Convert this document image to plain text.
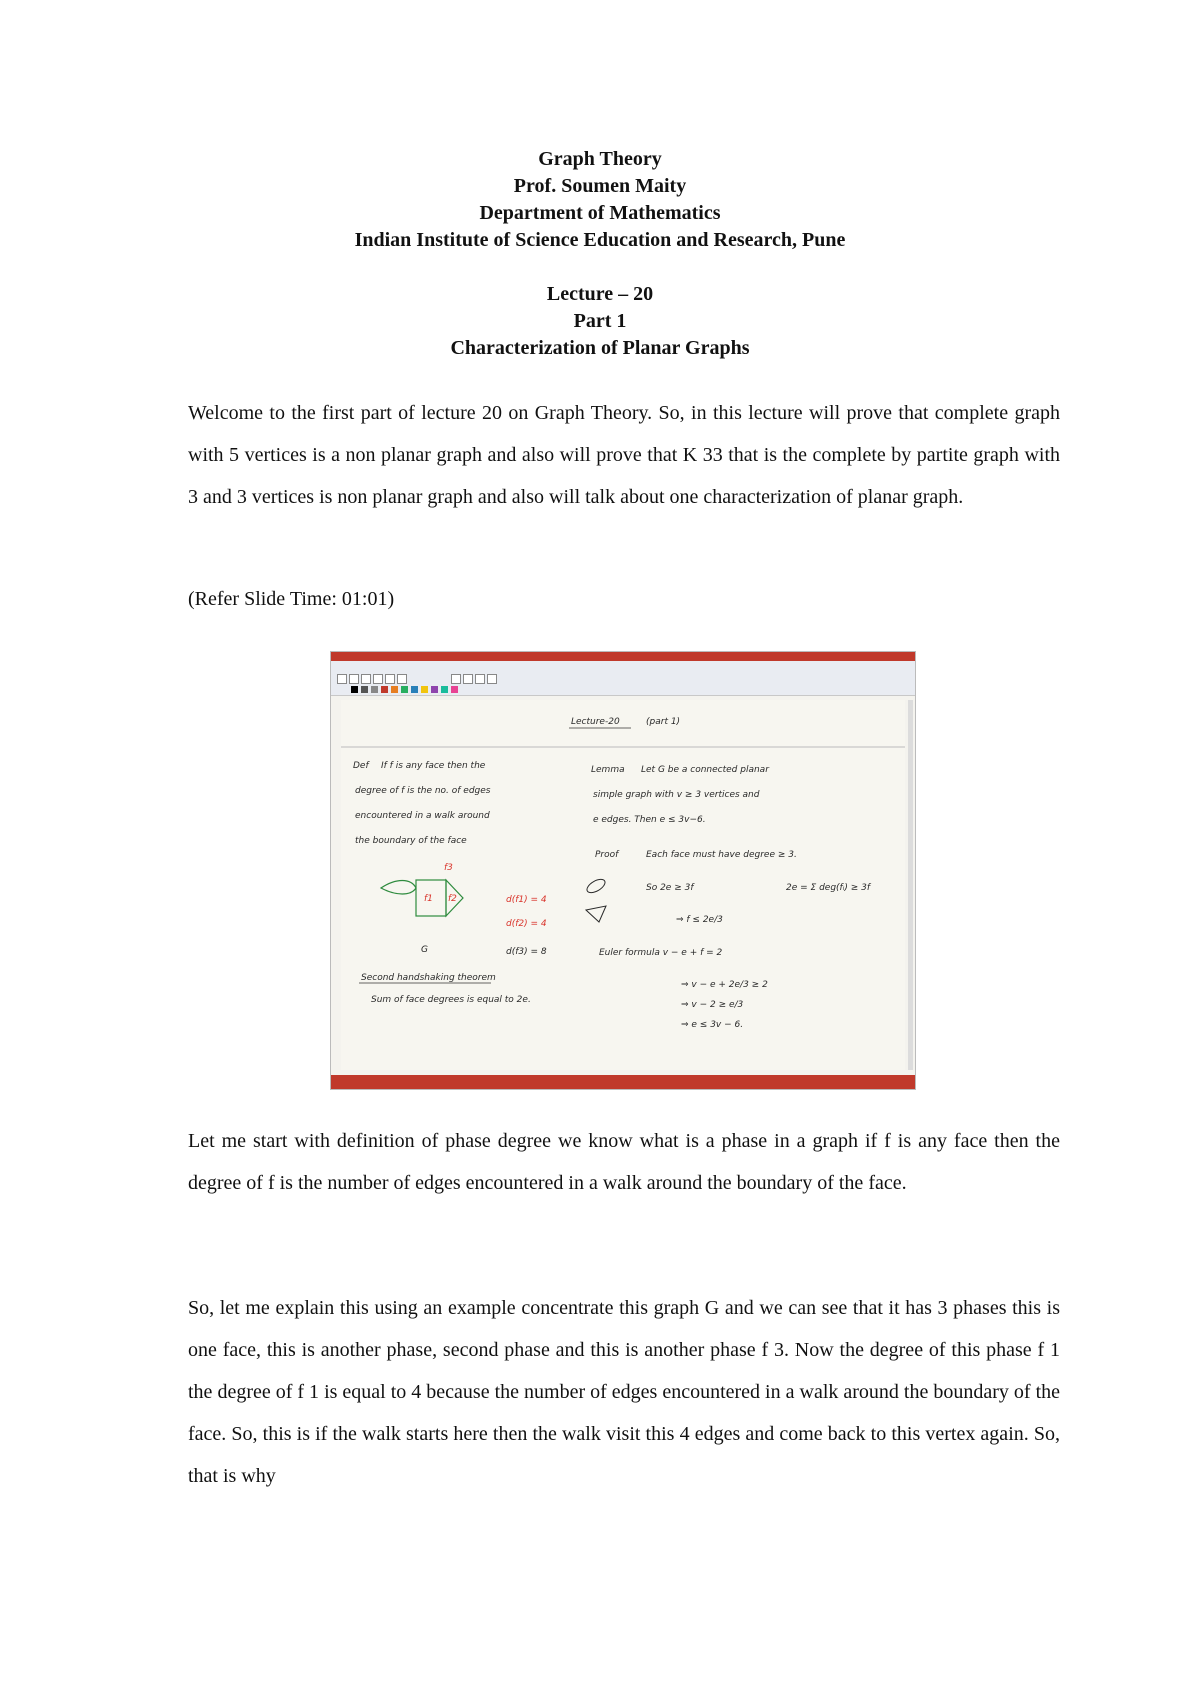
Graph Theory
Prof. Soumen Maity
Department of Mathematics
Indian Institute of Science Education and Research, Pune
Lecture – 20
Part 1
Characterization of Planar Graphs

Welcome to the first part of lecture 20 on Graph Theory. So, in this lecture will prove that complete graph with 5 vertices is a non planar graph and also will prove that K 33 that is the complete by partite graph with 3 and 3 vertices is non planar graph and also will talk about one characterization of planar graph.

(Refer Slide Time: 01:01)

Lecture-20	(part 1)
Def If f is any face then the
degree of f is the no. of edges
encountered in a walk around
the boundary of the face
Lemma Let G be a connected planar
simple graph with v ≥ 3 vertices and
e edges. Then e ≤ 3v−6.
Proof	Each face must have degree ≥ 3.
So 2e ≥ 3f	2e = Σ deg(fᵢ) ≥ 3f
⇒ f ≤ 2e/3
Euler formula v − e + f = 2
⇒ v − e + 2e/3 ≥ 2
⇒ v − 2 ≥ e/3
⇒ e ≤ 3v − 6.
f3
f1 f2
G
d(f1) = 4
d(f2) = 4
d(f3) = 8
Second handshaking theorem
Sum of face degrees is equal to 2e.

Let me start with definition of phase degree we know what is a phase in a graph if f is any face then the degree of f is the number of edges encountered in a walk around the boundary of the face.

So, let me explain this using an example concentrate this graph G and we can see that it has 3 phases this is one face, this is another phase, second phase and this is another phase f 3. Now the degree of this phase f 1 the degree of f 1 is equal to 4 because the number of edges encountered in a walk around the boundary of the face. So, this is if the walk starts here then the walk visit this 4 edges and come back to this vertex again. So, that is why
